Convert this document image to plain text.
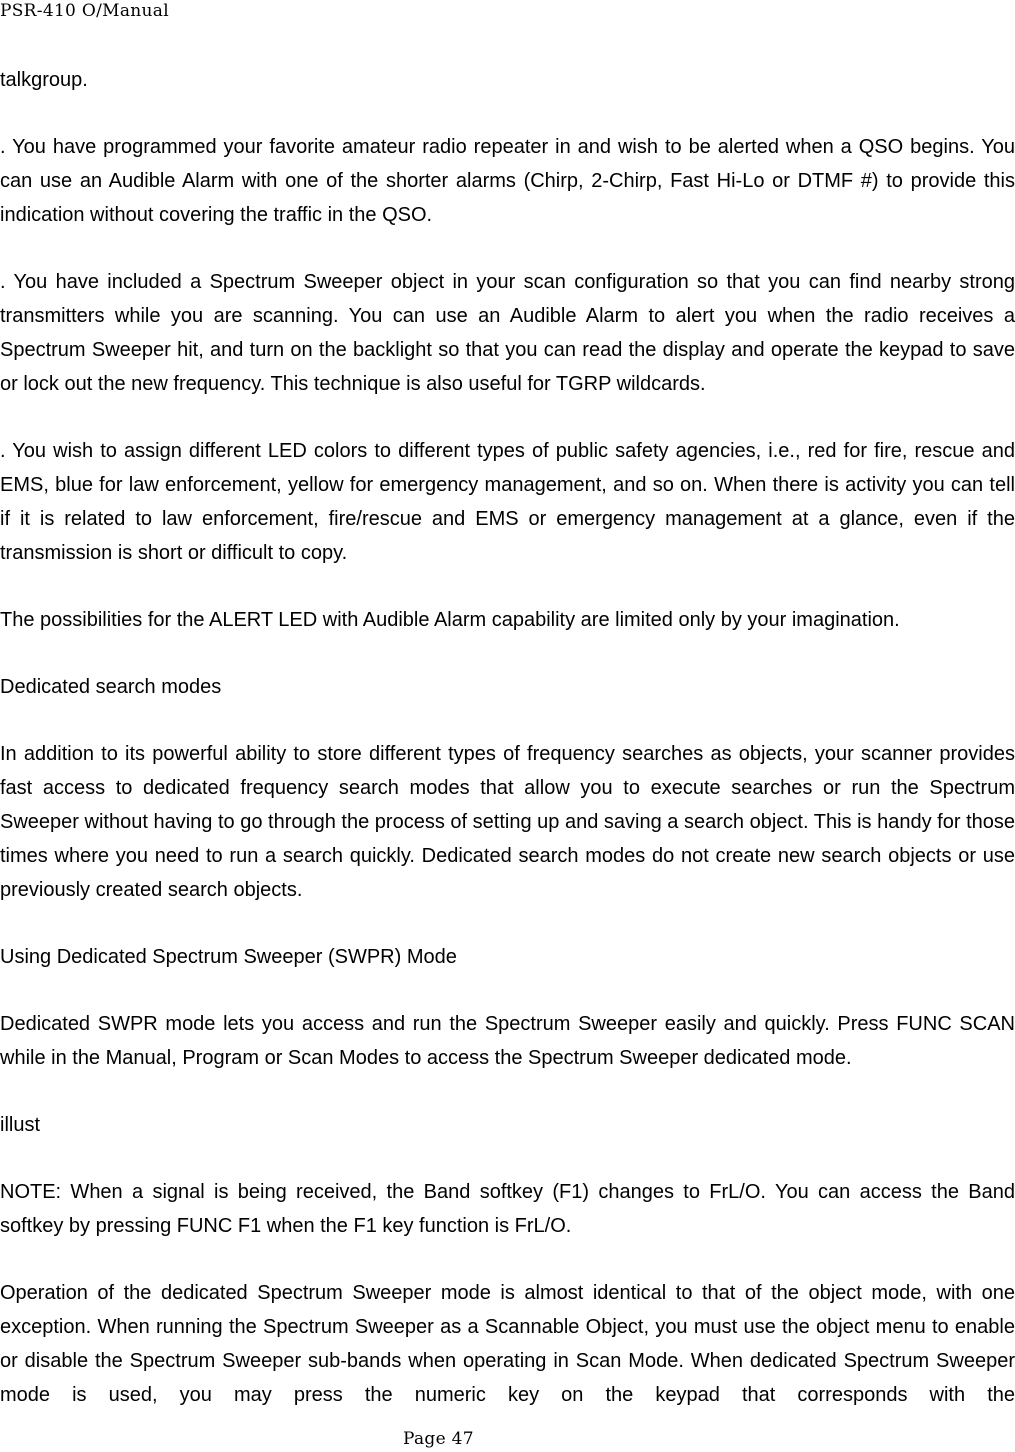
PSR-410 O/Manual

talkgroup.

. You have programmed your favorite amateur radio repeater in and wish to be alerted when a QSO begins. You can use an Audible Alarm with one of the shorter alarms (Chirp, 2-Chirp, Fast Hi-Lo or DTMF #) to provide this indication without covering the traffic in the QSO.

. You have included a Spectrum Sweeper object in your scan configuration so that you can find nearby strong transmitters while you are scanning. You can use an Audible Alarm to alert you when the radio receives a Spectrum Sweeper hit, and turn on the backlight so that you can read the display and operate the keypad to save or lock out the new frequency. This technique is also useful for TGRP wildcards.

. You wish to assign different LED colors to different types of public safety agencies, i.e., red for fire, rescue and EMS, blue for law enforcement, yellow for emergency management, and so on. When there is activity you can tell if it is related to law enforcement, fire/rescue and EMS or emergency management at a glance, even if the transmission is short or difficult to copy.

The possibilities for the ALERT LED with Audible Alarm capability are limited only by your imagination.

Dedicated search modes

In addition to its powerful ability to store different types of frequency searches as objects, your scanner provides fast access to dedicated frequency search modes that allow you to execute searches or run the Spectrum Sweeper without having to go through the process of setting up and saving a search object. This is handy for those times where you need to run a search quickly. Dedicated search modes do not create new search objects or use previously created search objects.

Using Dedicated Spectrum Sweeper (SWPR) Mode

Dedicated SWPR mode lets you access and run the Spectrum Sweeper easily and quickly. Press FUNC SCAN while in the Manual, Program or Scan Modes to access the Spectrum Sweeper dedicated mode.

illust

NOTE: When a signal is being received, the Band softkey (F1) changes to FrL/O. You can access the Band softkey by pressing FUNC F1 when the F1 key function is FrL/O.

Operation of the dedicated Spectrum Sweeper mode is almost identical to that of the object mode, with one exception. When running the Spectrum Sweeper as a Scannable Object, you must use the object menu to enable or disable the Spectrum Sweeper sub-bands when operating in Scan Mode. When dedicated Spectrum Sweeper mode is used, you may press the numeric key on the keypad that corresponds with the

Page 47
